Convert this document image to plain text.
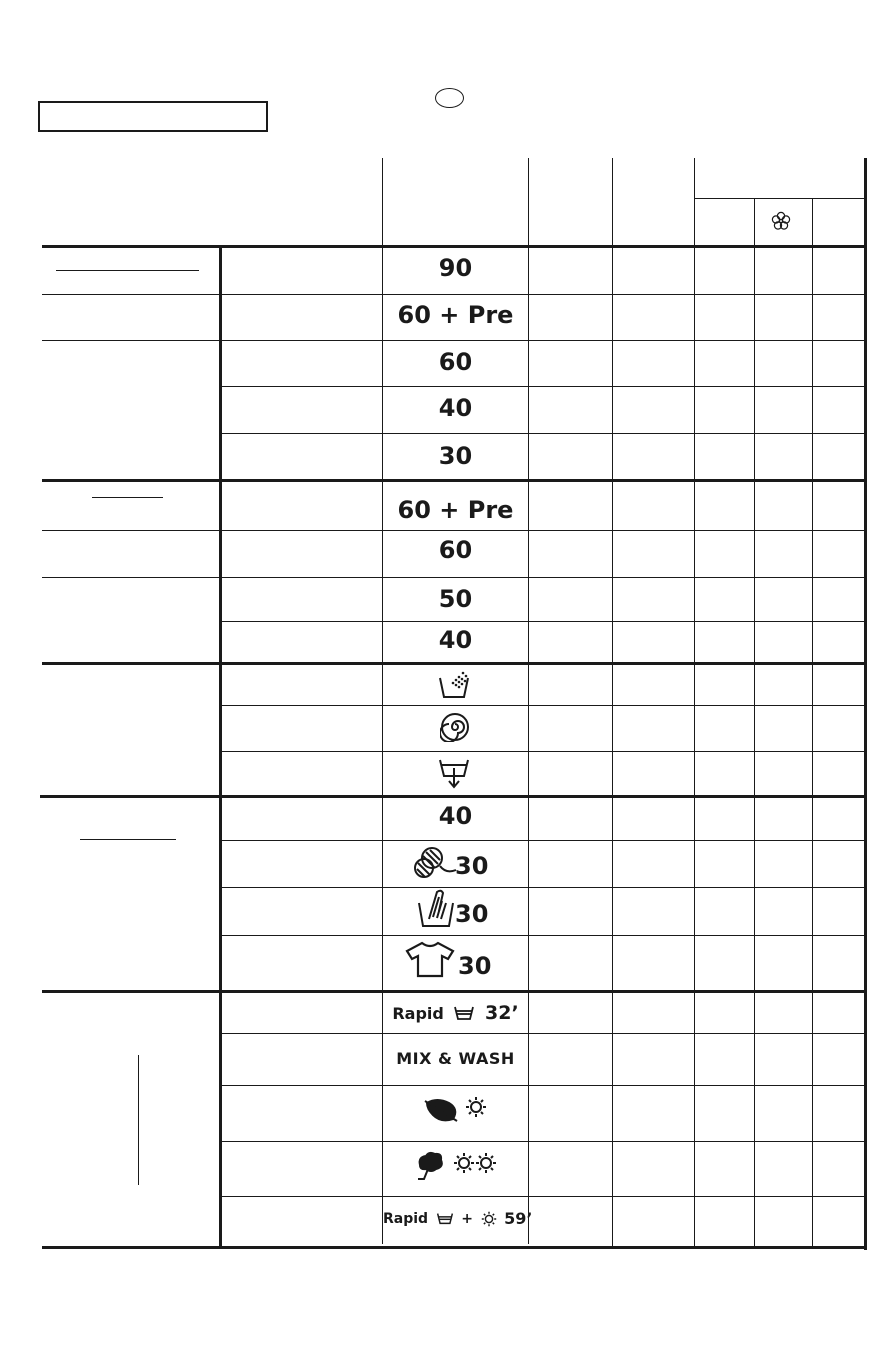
90
60 + Pre
60
40
30
60 + Pre
60
50
40
40
30
30
30
Rapid 32’
MIX & WASH
Rapid + 59’
